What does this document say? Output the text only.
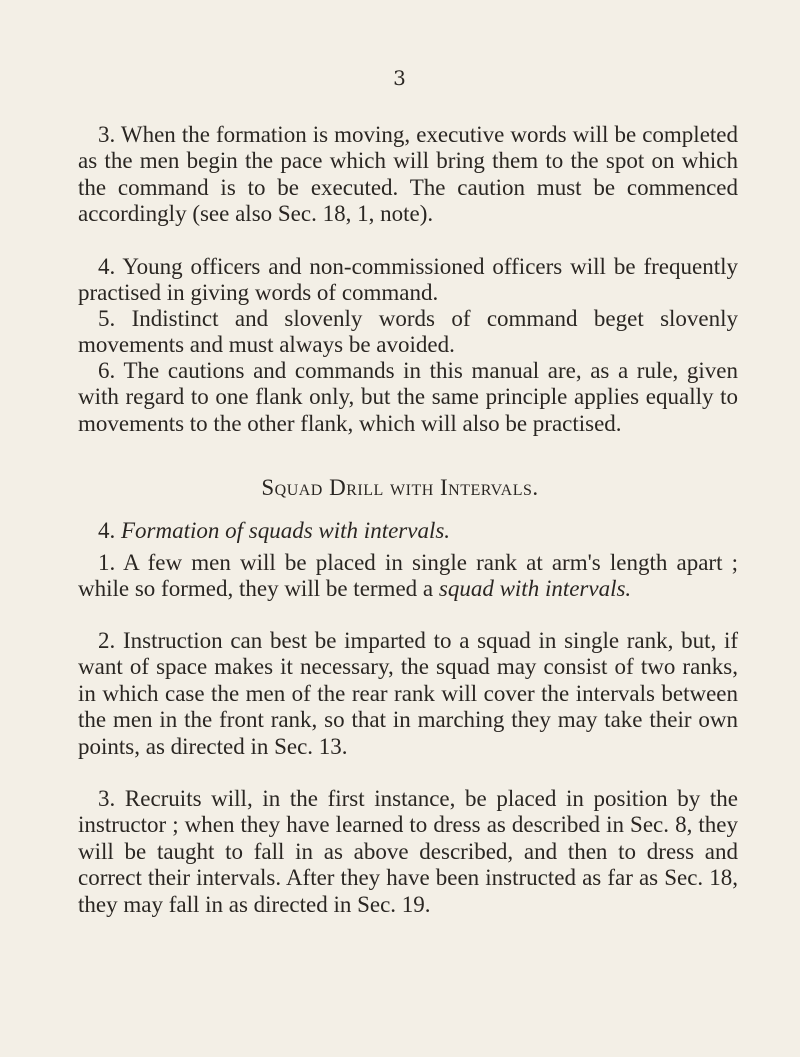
3

3. When the formation is moving, executive words will be completed as the men begin the pace which will bring them to the spot on which the command is to be executed. The caution must be commenced accordingly (see also Sec. 18, 1, note).

4. Young officers and non-commissioned officers will be frequently practised in giving words of command.

5. Indistinct and slovenly words of command beget slovenly movements and must always be avoided.

6. The cautions and commands in this manual are, as a rule, given with regard to one flank only, but the same principle applies equally to movements to the other flank, which will also be practised.

Squad Drill with Intervals.
4. Formation of squads with intervals.

1. A few men will be placed in single rank at arm's length apart ; while so formed, they will be termed a squad with intervals.

2. Instruction can best be imparted to a squad in single rank, but, if want of space makes it necessary, the squad may consist of two ranks, in which case the men of the rear rank will cover the intervals between the men in the front rank, so that in marching they may take their own points, as directed in Sec. 13.

3. Recruits will, in the first instance, be placed in position by the instructor ; when they have learned to dress as described in Sec. 8, they will be taught to fall in as above described, and then to dress and correct their intervals. After they have been instructed as far as Sec. 18, they may fall in as directed in Sec. 19.
